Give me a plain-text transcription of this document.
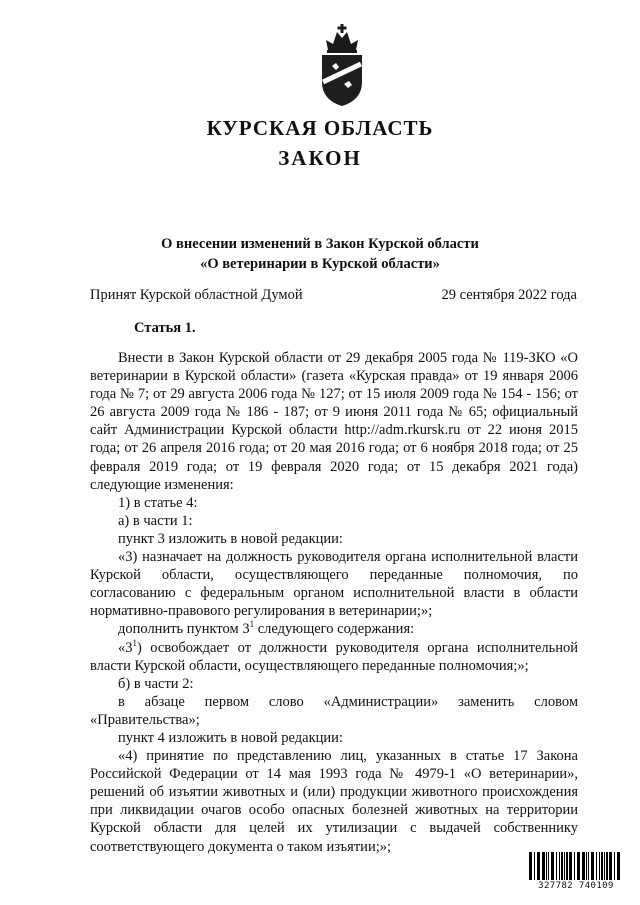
КУРСКАЯ ОБЛАСТЬ
ЗАКОН
О внесении изменений в Закон Курской области
«О ветеринарии в Курской области»
Принят Курской областной Думой	29 сентября 2022 года
Статья 1.

Внести в Закон Курской области от 29 декабря 2005 года № 119-ЗКО «О ветеринарии в Курской области» (газета «Курская правда» от 19 января 2006 года № 7; от 29 августа 2006 года № 127; от 15 июля 2009 года № 154 - 156; от 26 августа 2009 года № 186 - 187; от 9 июня 2011 года № 65; официальный сайт Администрации Курской области http://adm.rkursk.ru от 22 июня 2015 года; от 26 апреля 2016 года; от 20 мая 2016 года; от 6 ноября 2018 года; от 25 февраля 2019 года; от 19 февраля 2020 года; от 15 декабря 2021 года) следующие изменения:

1) в статье 4:

а) в части 1:

пункт 3 изложить в новой редакции:

«3) назначает на должность руководителя органа исполнительной власти Курской области, осуществляющего переданные полномочия, по согласованию с федеральным органом исполнительной власти в области нормативно-правового регулирования в ветеринарии;»;

дополнить пунктом $3^1$ следующего содержания:

«$3^1$) освобождает от должности руководителя органа исполнительной власти Курской области, осуществляющего переданные полномочия;»;

б) в части 2:

в абзаце первом слово «Администрации» заменить словом «Правительства»;

пункт 4 изложить в новой редакции:

«4) принятие по представлению лиц, указанных в статье 17 Закона Российской Федерации от 14 мая 1993 года № 4979-1 «О ветеринарии», решений об изъятии животных и (или) продукции животного происхождения при ликвидации очагов особо опасных болезней животных на территории Курской области для целей их утилизации с выдачей собственнику соответствующего документа о таком изъятии;»;

327782 740109
